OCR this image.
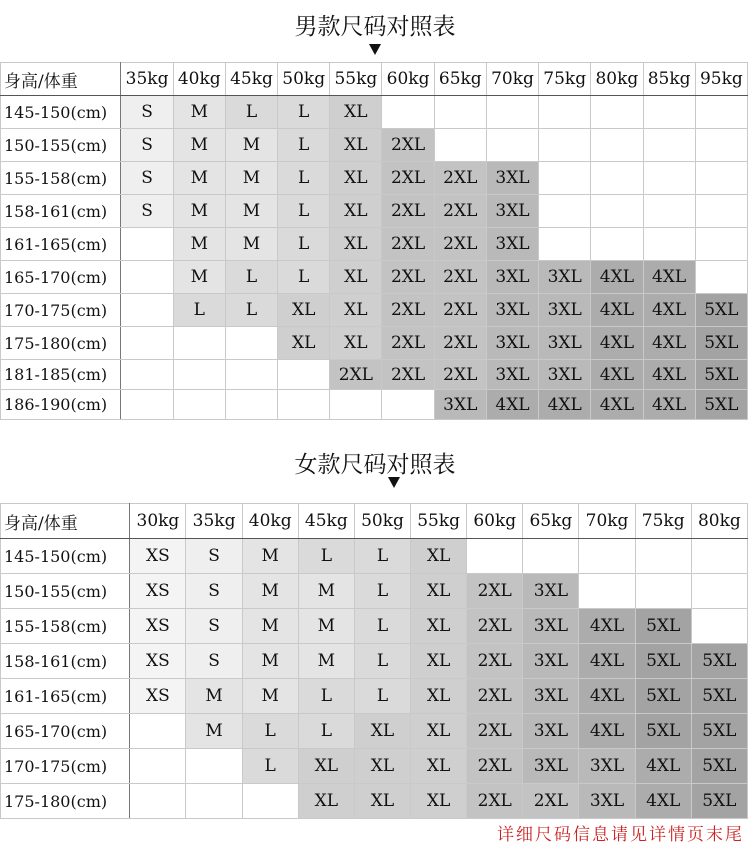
男款尺码对照表
身高/体重	35kg	40kg	45kg	50kg	55kg	60kg	65kg	70kg	75kg	80kg	85kg	95kg
145-150(cm)	S	M	L	L	XL							
150-155(cm)	S	M	M	L	XL	2XL						
155-158(cm)	S	M	M	L	XL	2XL	2XL	3XL				
158-161(cm)	S	M	M	L	XL	2XL	2XL	3XL				
161-165(cm)		M	M	L	XL	2XL	2XL	3XL				
165-170(cm)		M	L	L	XL	2XL	2XL	3XL	3XL	4XL	4XL	
170-175(cm)		L	L	XL	XL	2XL	2XL	3XL	3XL	4XL	4XL	5XL
175-180(cm)				XL	XL	2XL	2XL	3XL	3XL	4XL	4XL	5XL
181-185(cm)					2XL	2XL	2XL	3XL	3XL	4XL	4XL	5XL
186-190(cm)							3XL	4XL	4XL	4XL	4XL	5XL
女款尺码对照表
身高/体重	30kg	35kg	40kg	45kg	50kg	55kg	60kg	65kg	70kg	75kg	80kg
145-150(cm)	XS	S	M	L	L	XL					
150-155(cm)	XS	S	M	M	L	XL	2XL	3XL			
155-158(cm)	XS	S	M	M	L	XL	2XL	3XL	4XL	5XL	
158-161(cm)	XS	S	M	M	L	XL	2XL	3XL	4XL	5XL	5XL
161-165(cm)	XS	M	M	L	L	XL	2XL	3XL	4XL	5XL	5XL
165-170(cm)		M	L	L	XL	XL	2XL	3XL	4XL	5XL	5XL
170-175(cm)			L	XL	XL	XL	2XL	3XL	3XL	4XL	5XL
175-180(cm)				XL	XL	XL	2XL	2XL	3XL	4XL	5XL
详细尺码信息请见详情页末尾
